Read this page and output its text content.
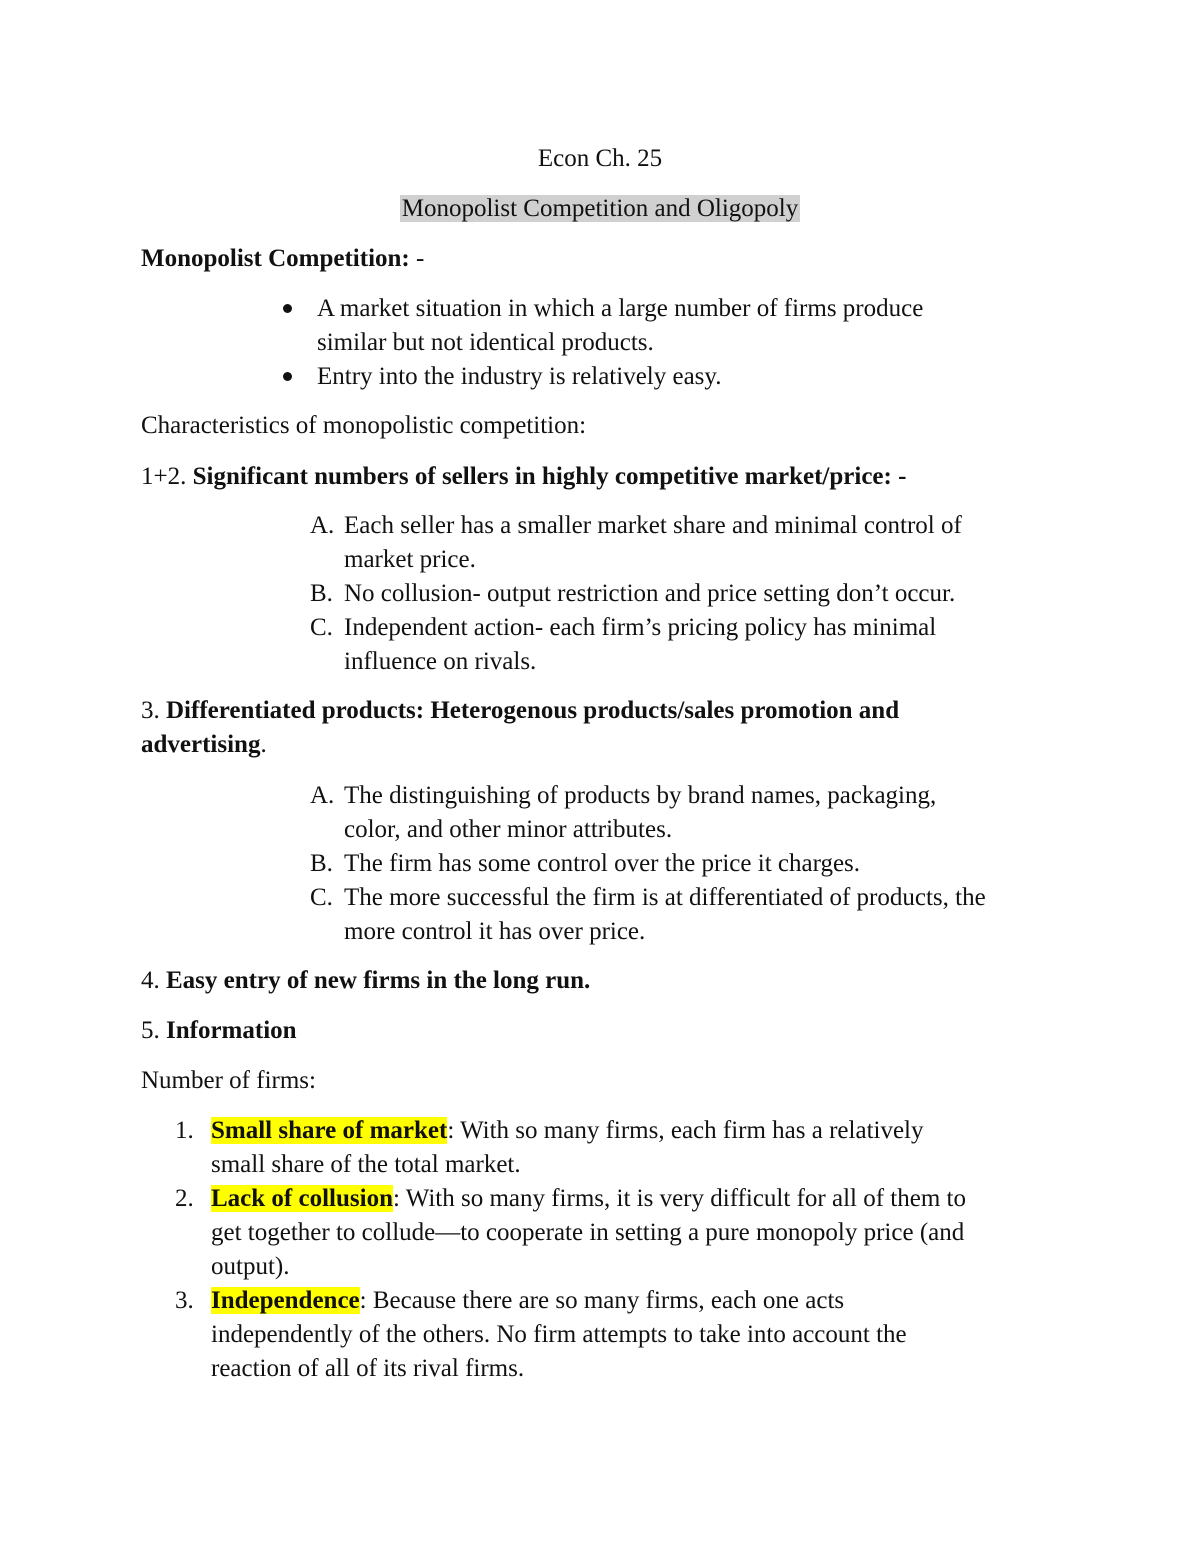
Econ Ch. 25
Monopolist Competition and Oligopoly
Monopolist Competition: -
A market situation in which a large number of firms produce
similar but not identical products.
Entry into the industry is relatively easy.
Characteristics of monopolistic competition:
1+2. Significant numbers of sellers in highly competitive market/price: -
A. Each seller has a smaller market share and minimal control of
market price.
B. No collusion- output restriction and price setting don’t occur.
C. Independent action- each firm’s pricing policy has minimal
influence on rivals.
3. Differentiated products: Heterogenous products/sales promotion and
advertising.
A. The distinguishing of products by brand names, packaging,
color, and other minor attributes.
B. The firm has some control over the price it charges.
C. The more successful the firm is at differentiated of products, the
more control it has over price.
4. Easy entry of new firms in the long run.
5. Information
Number of firms:
1. Small share of market: With so many firms, each firm has a relatively
small share of the total market.
2. Lack of collusion: With so many firms, it is very difficult for all of them to
get together to collude—to cooperate in setting a pure monopoly price (and
output).
3. Independence: Because there are so many firms, each one acts
independently of the others. No firm attempts to take into account the
reaction of all of its rival firms.
